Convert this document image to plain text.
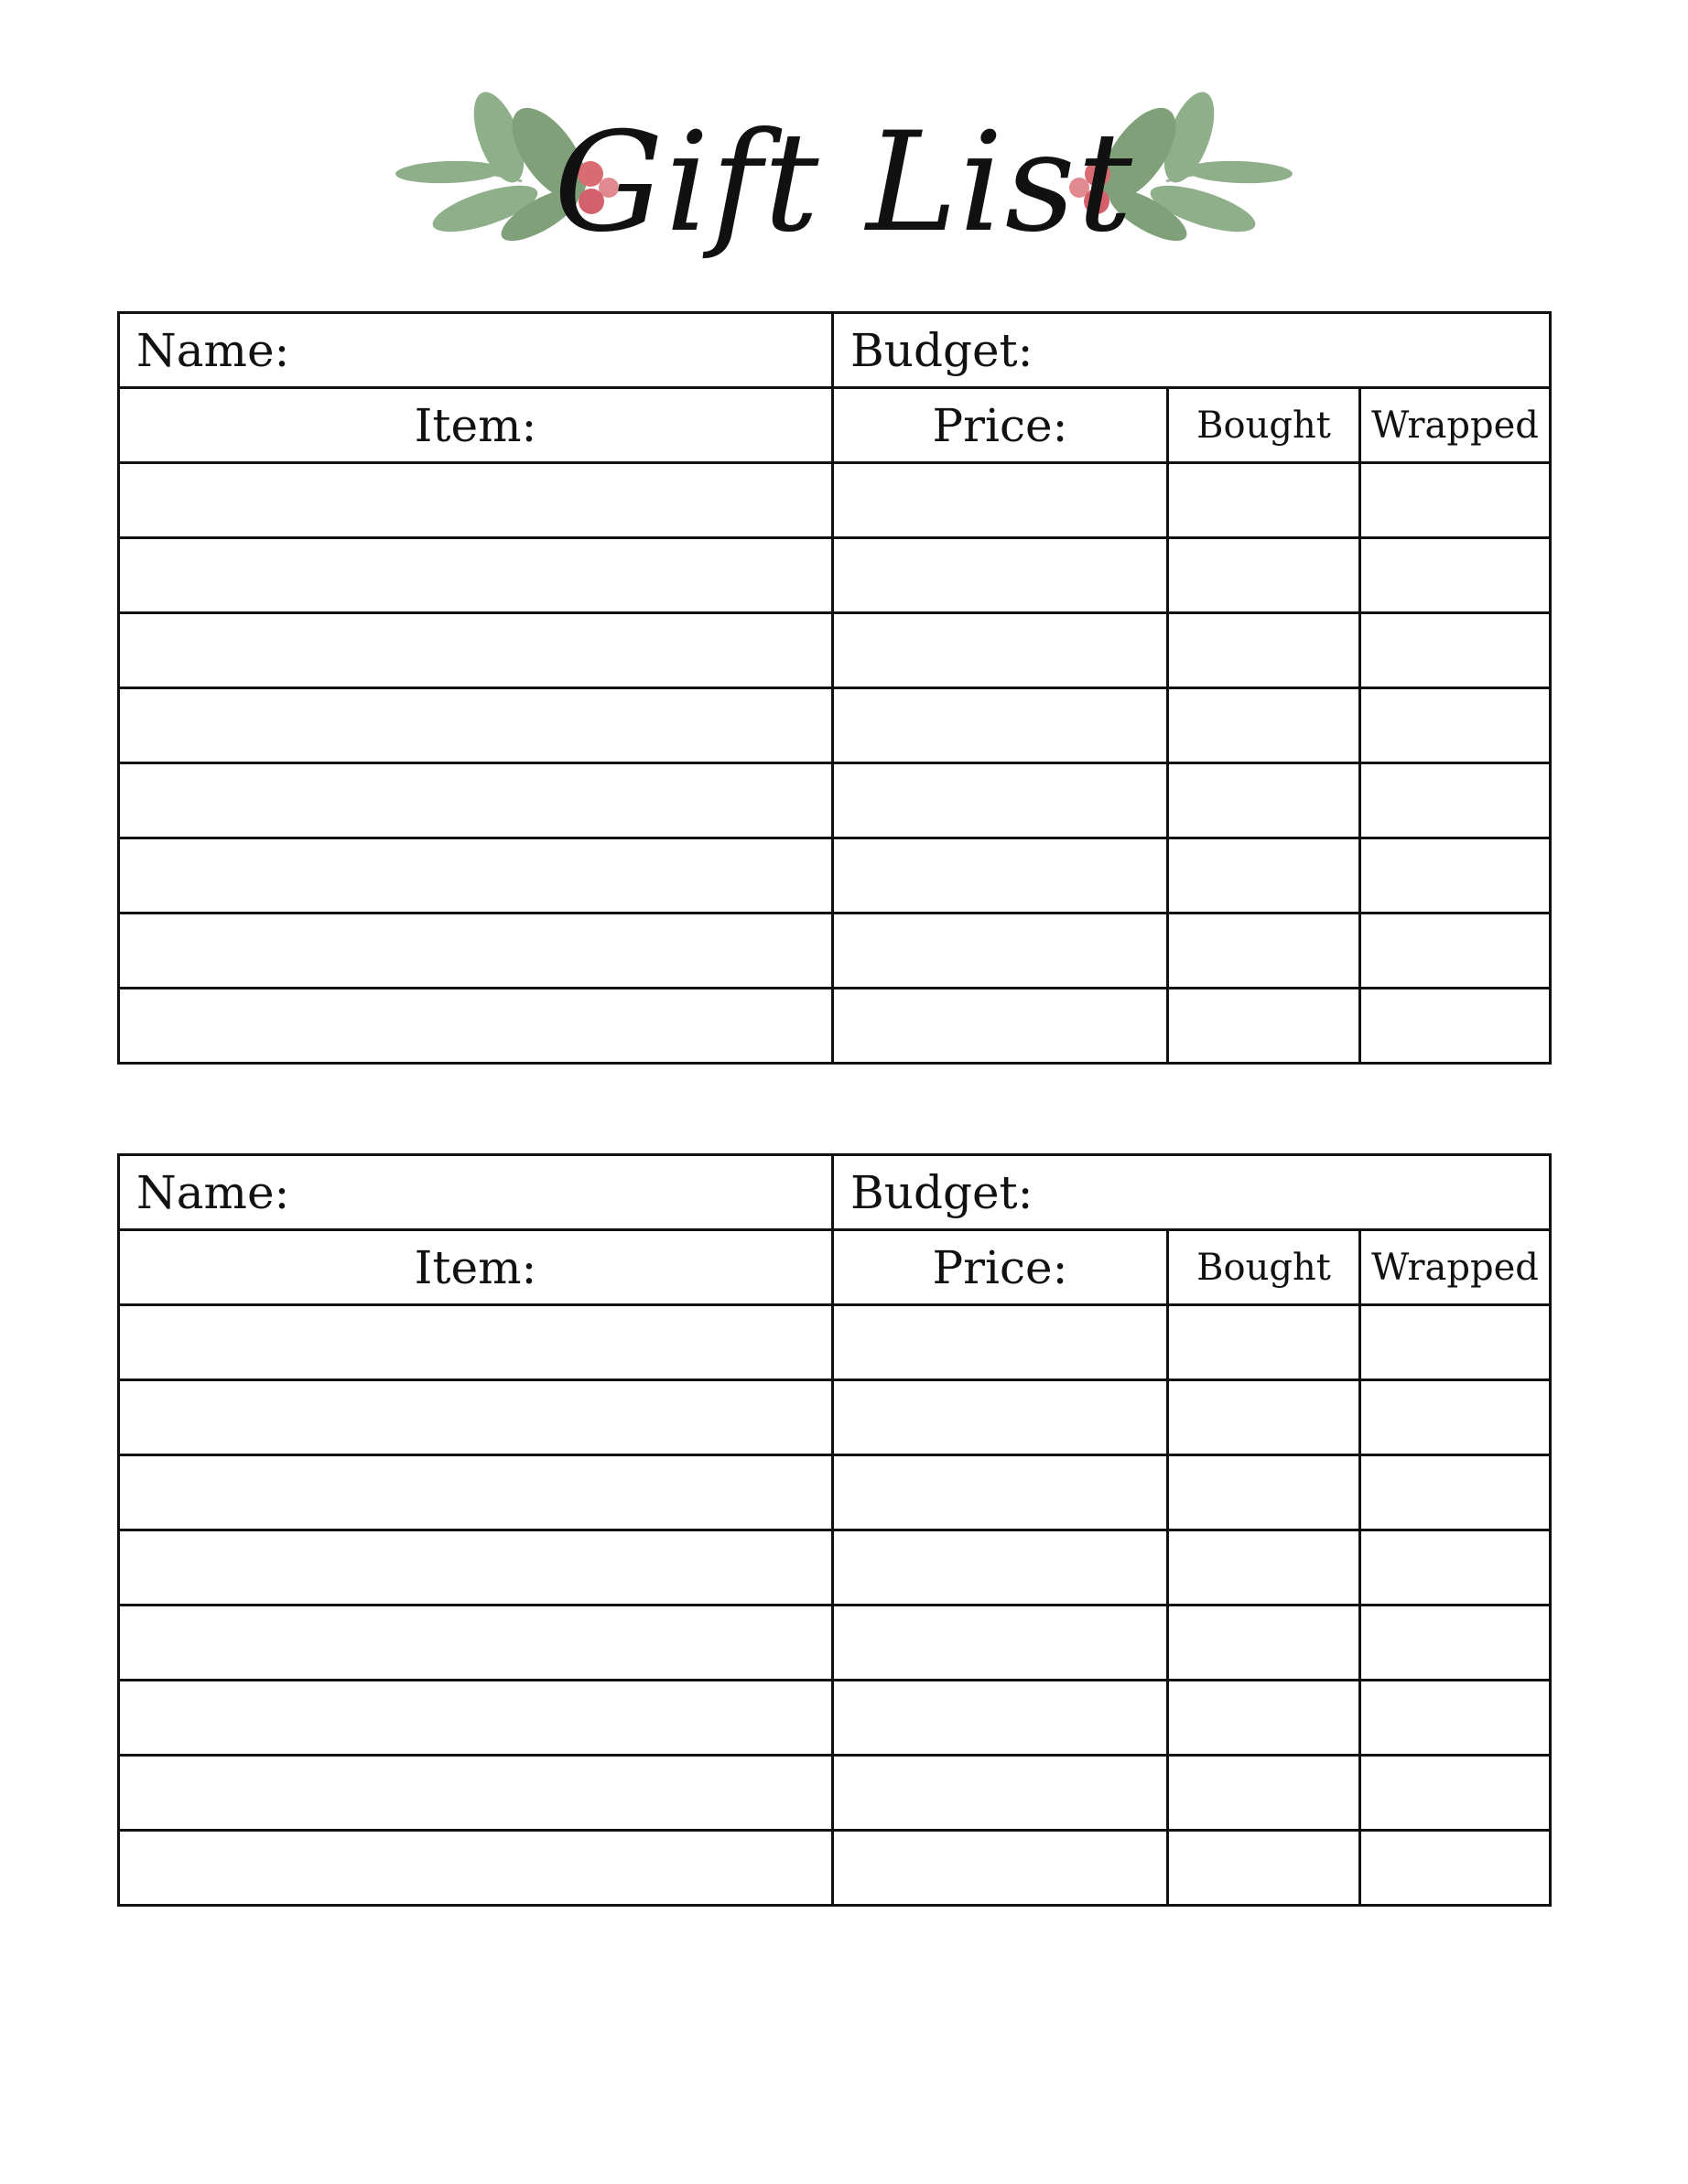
Gift List
Name:	Budget:		
Item:	Price:	Bought	Wrapped

Name:	Budget:		
Item:	Price:	Bought	Wrapped
